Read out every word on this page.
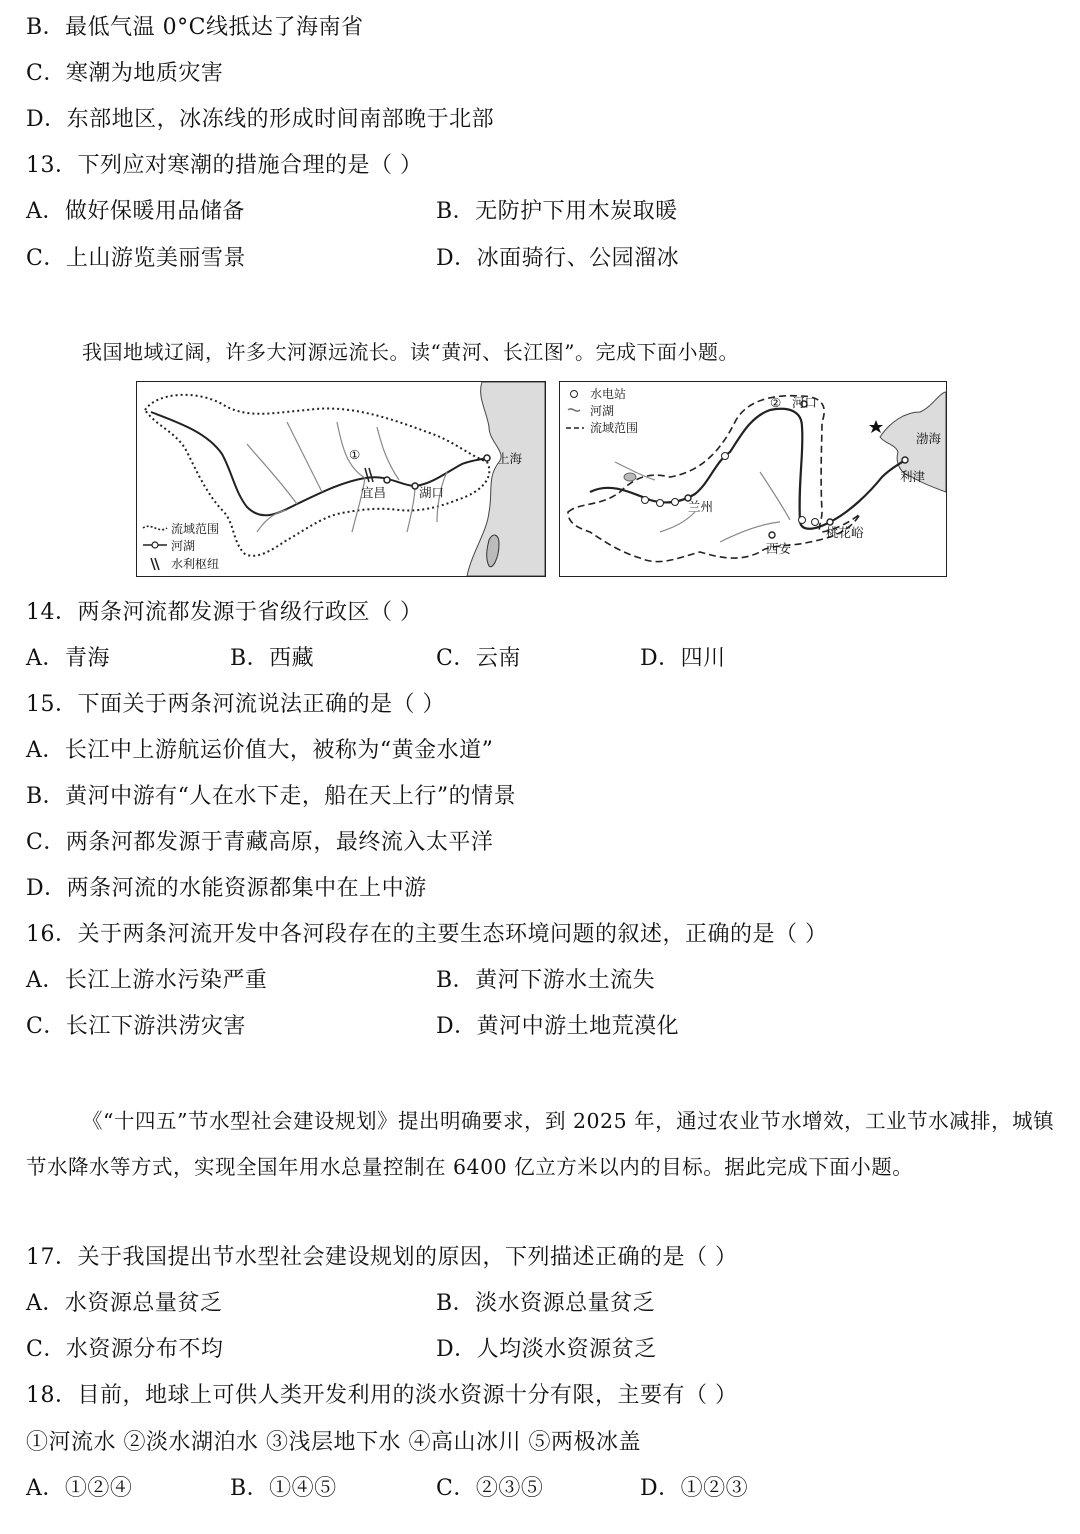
B．最低气温 0°C线抵达了海南省
C．寒潮为地质灾害
D．东部地区，冰冻线的形成时间南部晚于北部
13．下列应对寒潮的措施合理的是（ ）
A．做好保暖用品储备	B．无防护下用木炭取暖
C．上山游览美丽雪景	D．冰面骑行、公园溜冰
我国地域辽阔，许多大河源远流长。读“黄河、长江图”。完成下面小题。
①
宜昌	湖口
上海
流域范围
河湖
水利枢纽
② 河口
渤海
利津
兰州
西安
桃花峪
水电站
河湖
流域范围
14．两条河流都发源于省级行政区（ ）
A．青海	B．西藏	C．云南	D．四川
15．下面关于两条河流说法正确的是（ ）
A．长江中上游航运价值大，被称为“黄金水道”
B．黄河中游有“人在水下走，船在天上行”的情景
C．两条河都发源于青藏高原，最终流入太平洋
D．两条河流的水能资源都集中在上中游
16．关于两条河流开发中各河段存在的主要生态环境问题的叙述，正确的是（ ）
A．长江上游水污染严重	B．黄河下游水土流失
C．长江下游洪涝灾害	D．黄河中游土地荒漠化
《“十四五”节水型社会建设规划》提出明确要求，到 2025 年，通过农业节水增效，工业节水减排，城镇节水降水等方式，实现全国年用水总量控制在 6400 亿立方米以内的目标。据此完成下面小题。
17．关于我国提出节水型社会建设规划的原因，下列描述正确的是（ ）
A．水资源总量贫乏	B．淡水资源总量贫乏
C．水资源分布不均	D．人均淡水资源贫乏
18．目前，地球上可供人类开发利用的淡水资源十分有限，主要有（ ）
①河流水 ②淡水湖泊水 ③浅层地下水 ④高山冰川 ⑤两极冰盖
A．①②④	B．①④⑤	C．②③⑤	D．①②③
